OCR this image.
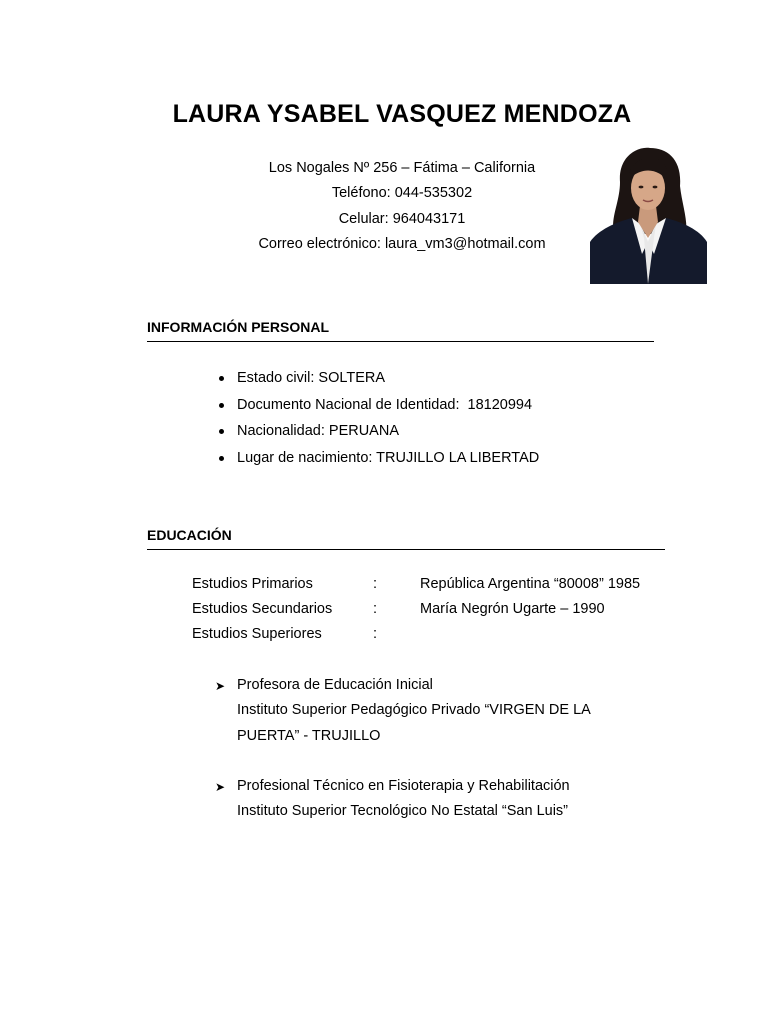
LAURA YSABEL VASQUEZ MENDOZA
Los Nogales Nº 256 – Fátima – California
Teléfono: 044-535302
Celular: 964043171
Correo electrónico: laura_vm3@hotmail.com
INFORMACIÓN PERSONAL
Estado civil: SOLTERA
Documento Nacional de Identidad:  18120994
Nacionalidad: PERUANA
Lugar de nacimiento: TRUJILLO LA LIBERTAD
EDUCACIÓN
Estudios Primarios	:	República Argentina “80008” 1985
Estudios Secundarios	:	María Negrón Ugarte – 1990
Estudios Superiores	:
➤ Profesora de Educación Inicial
Instituto Superior Pedagógico Privado “VIRGEN DE LA
PUERTA” - TRUJILLO
➤ Profesional Técnico en Fisioterapia y Rehabilitación
Instituto Superior Tecnológico No Estatal “San Luis”
